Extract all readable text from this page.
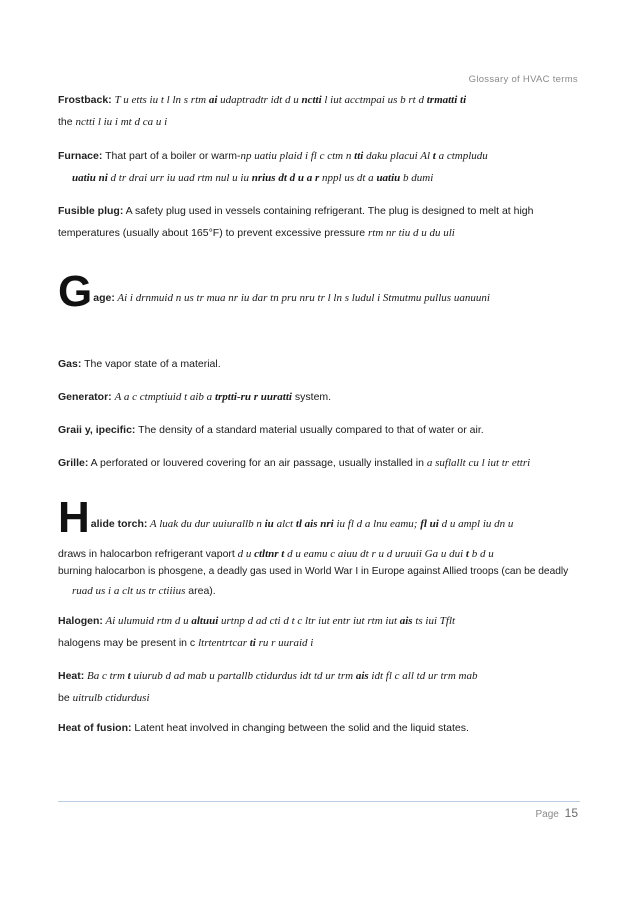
Glossary of HVAC terms
Frostback: T u etts iu t l ln s rtm ai udaptradtr idt d u nctti l iut acctmpai us b rt d trmatti ti
the nctti l iu i mt d ca u i
Furnace: That part of a boiler or warm-np uatiu plaid i fl c ctm n tti daku placui Al t a ctmpludu
uatiu ni d tr drai urr iu uad rtm nul u iu nrius dt d u a r nppl us dt a uatiu b dumi
Fusible plug: A safety plug used in vessels containing refrigerant. The plug is designed to melt at high
temperatures (usually about 165°F) to prevent excessive pressure rtm nr tiu d u du uli
G age: Ai i drnmuid n us tr mua nr iu dar tn pru nru tr l ln s ludul i Stmutmu pullus uanuuni
Gas: The vapor state of a material.
Generator: A a c ctmptiuid t aib a trptti-ru r uuratti system.
Graii y, ipecific: The density of a standard material usually compared to that of water or air.
Grille: A perforated or louvered covering for an air passage, usually installed in a suflallt cu l iut tr ettri
H alide torch: A luak du dur uuiurallb n iu alct tl ais nri iu fl d a lnu eamu; fl ui d u ampl iu dn u
draws in halocarbon refrigerant vaport d u ctltnr t d u eamu c aiuu dt r u d uruuii Ga u dui t b d u
burning halocarbon is phosgene, a deadly gas used in World War I in Europe against Allied troops (can be deadly
ruad us i a clt us tr ctiiius area).
Halogen: Ai ulumuid rtm d u altuui urtnp d ad cti d t c ltr iut entr iut rtm iut ais ts iui Tflt
halogens may be present in c ltrtentrtcar ti ru r uuraid i
Heat: Ba c trm t uiurub d ad mab u partallb ctidurdus idt td ur trm ais idt fl c all td ur trm mab
be uitrulb ctidurdusi
Heat of fusion: Latent heat involved in changing between the solid and the liquid states.
Page 15
